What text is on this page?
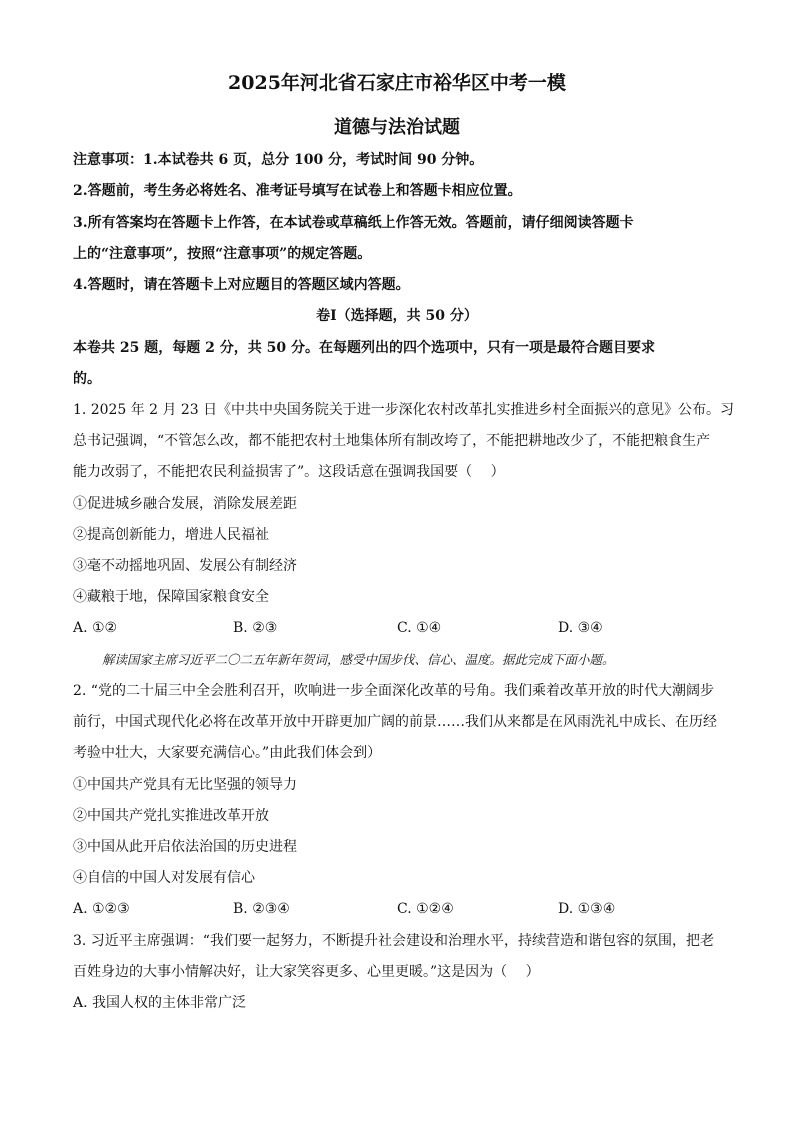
2025年河北省石家庄市裕华区中考一模
道德与法治试题
注意事项：1.本试卷共 6 页，总分 100 分，考试时间 90 分钟。
2.答题前，考生务必将姓名、准考证号填写在试卷上和答题卡相应位置。
3.所有答案均在答题卡上作答，在本试卷或草稿纸上作答无效。答题前，请仔细阅读答题卡
上的“注意事项”，按照“注意事项”的规定答题。
4.答题时，请在答题卡上对应题目的答题区域内答题。
卷Ⅰ（选择题，共 50 分）
本卷共 25 题，每题 2 分，共 50 分。在每题列出的四个选项中，只有一项是最符合题目要求
的。
1. 2025 年 2 月 23 日《中共中央国务院关于进一步深化农村改革扎实推进乡村全面振兴的意见》公布。习
总书记强调，“不管怎么改，都不能把农村土地集体所有制改垮了，不能把耕地改少了，不能把粮食生产
能力改弱了，不能把农民利益损害了”。这段话意在强调我国要（　 ）
①促进城乡融合发展，消除发展差距
②提高创新能力，增进人民福祉
③毫不动摇地巩固、发展公有制经济
④藏粮于地，保障国家粮食安全
A. ①②	B. ②③	C. ①④	D. ③④
解读国家主席习近平二〇二五年新年贺词，感受中国步伐、信心、温度。据此完成下面小题。
2. “党的二十届三中全会胜利召开，吹响进一步全面深化改革的号角。我们乘着改革开放的时代大潮阔步
前行，中国式现代化必将在改革开放中开辟更加广阔的前景……我们从来都是在风雨洗礼中成长、在历经
考验中壮大，大家要充满信心。”由此我们体会到）
①中国共产党具有无比坚强的领导力
②中国共产党扎实推进改革开放
③中国从此开启依法治国的历史进程
④自信的中国人对发展有信心
A. ①②③	B. ②③④	C. ①②④	D. ①③④
3. 习近平主席强调：“我们要一起努力，不断提升社会建设和治理水平，持续营造和谐包容的氛围，把老
百姓身边的大事小情解决好，让大家笑容更多、心里更暖。”这是因为（　 ）
A. 我国人权的主体非常广泛
